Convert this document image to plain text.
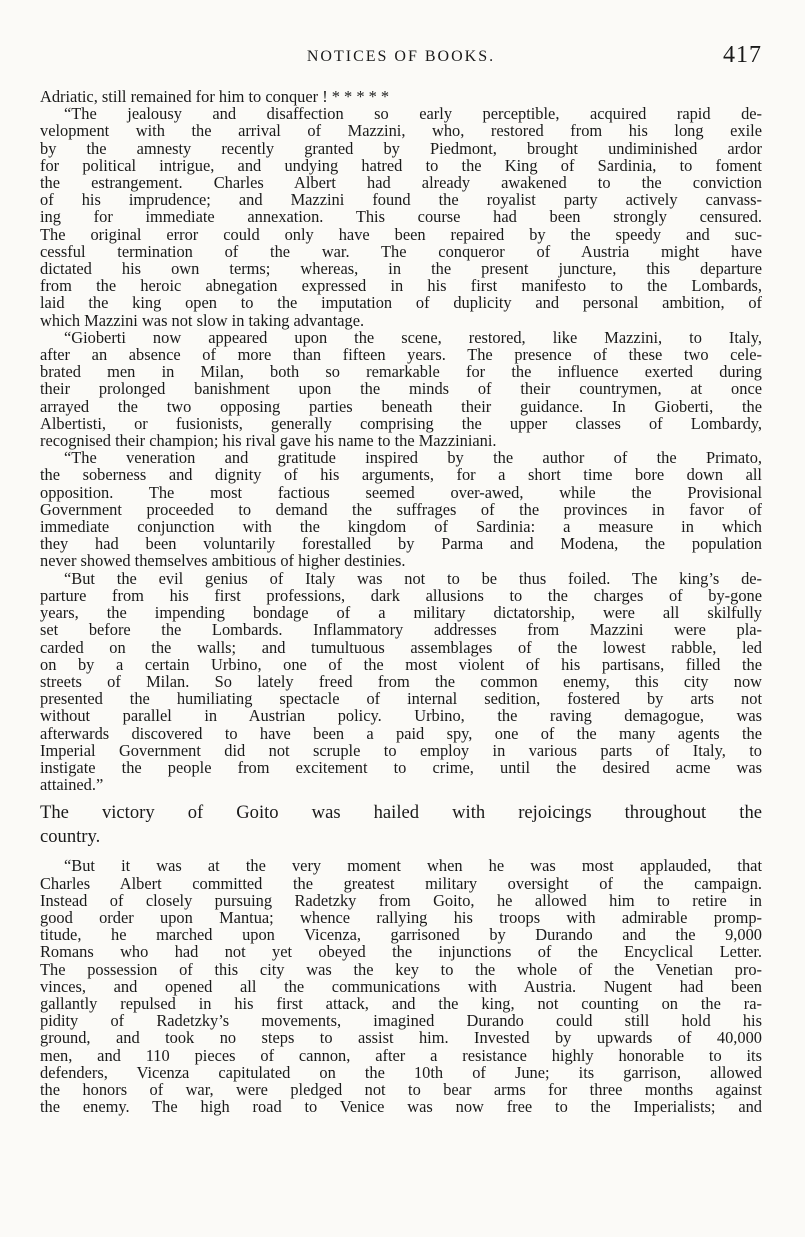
NOTICES OF BOOKS.	417
Adriatic, still remained for him to conquer ! * * * * *
“The jealousy and disaffection so early perceptible, acquired rapid de-
velopment with the arrival of Mazzini, who, restored from his long exile
by the amnesty recently granted by Piedmont, brought undiminished ardor
for political intrigue, and undying hatred to the King of Sardinia, to foment
the estrangement. Charles Albert had already awakened to the conviction
of his imprudence; and Mazzini found the royalist party actively canvass-
ing for immediate annexation. This course had been strongly censured.
The original error could only have been repaired by the speedy and suc-
cessful termination of the war. The conqueror of Austria might have
dictated his own terms; whereas, in the present juncture, this departure
from the heroic abnegation expressed in his first manifesto to the Lombards,
laid the king open to the imputation of duplicity and personal ambition, of
which Mazzini was not slow in taking advantage.
“Gioberti now appeared upon the scene, restored, like Mazzini, to Italy,
after an absence of more than fifteen years. The presence of these two cele-
brated men in Milan, both so remarkable for the influence exerted during
their prolonged banishment upon the minds of their countrymen, at once
arrayed the two opposing parties beneath their guidance. In Gioberti, the
Albertisti, or fusionists, generally comprising the upper classes of Lombardy,
recognised their champion; his rival gave his name to the Mazziniani.
“The veneration and gratitude inspired by the author of the Primato,
the soberness and dignity of his arguments, for a short time bore down all
opposition. The most factious seemed over-awed, while the Provisional
Government proceeded to demand the suffrages of the provinces in favor of
immediate conjunction with the kingdom of Sardinia: a measure in which
they had been voluntarily forestalled by Parma and Modena, the population
never showed themselves ambitious of higher destinies.
“But the evil genius of Italy was not to be thus foiled. The king’s de-
parture from his first professions, dark allusions to the charges of by-gone
years, the impending bondage of a military dictatorship, were all skilfully
set before the Lombards. Inflammatory addresses from Mazzini were pla-
carded on the walls; and tumultuous assemblages of the lowest rabble, led
on by a certain Urbino, one of the most violent of his partisans, filled the
streets of Milan. So lately freed from the common enemy, this city now
presented the humiliating spectacle of internal sedition, fostered by arts not
without parallel in Austrian policy. Urbino, the raving demagogue, was
afterwards discovered to have been a paid spy, one of the many agents the
Imperial Government did not scruple to employ in various parts of Italy, to
instigate the people from excitement to crime, until the desired acme was
attained.”
The victory of Goito was hailed with rejoicings throughout the
country.
“But it was at the very moment when he was most applauded, that
Charles Albert committed the greatest military oversight of the campaign.
Instead of closely pursuing Radetzky from Goito, he allowed him to retire in
good order upon Mantua; whence rallying his troops with admirable promp-
titude, he marched upon Vicenza, garrisoned by Durando and the 9,000
Romans who had not yet obeyed the injunctions of the Encyclical Letter.
The possession of this city was the key to the whole of the Venetian pro-
vinces, and opened all the communications with Austria. Nugent had been
gallantly repulsed in his first attack, and the king, not counting on the ra-
pidity of Radetzky’s movements, imagined Durando could still hold his
ground, and took no steps to assist him. Invested by upwards of 40,000
men, and 110 pieces of cannon, after a resistance highly honorable to its
defenders, Vicenza capitulated on the 10th of June; its garrison, allowed
the honors of war, were pledged not to bear arms for three months against
the enemy. The high road to Venice was now free to the Imperialists; and
